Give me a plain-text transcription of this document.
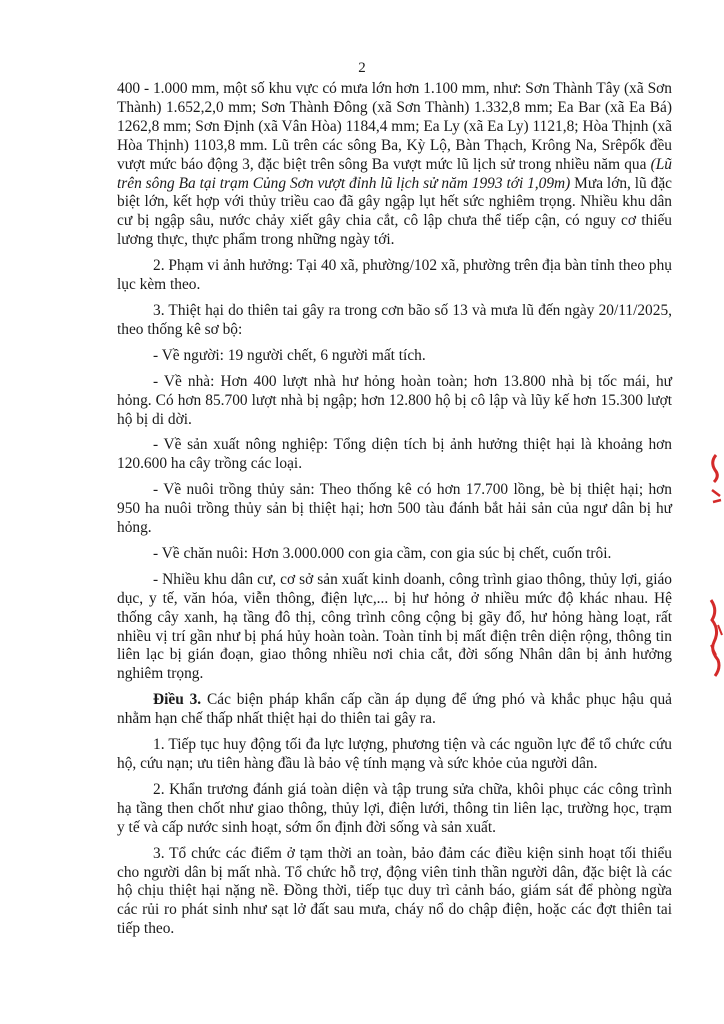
2

400 - 1.000 mm, một số khu vực có mưa lớn hơn 1.100 mm, như: Sơn Thành Tây (xã Sơn Thành) 1.652,2,0 mm; Sơn Thành Đông (xã Sơn Thành) 1.332,8 mm; Ea Bar (xã Ea Bá) 1262,8 mm; Sơn Định (xã Vân Hòa) 1184,4 mm; Ea Ly (xã Ea Ly) 1121,8; Hòa Thịnh (xã Hòa Thịnh) 1103,8 mm. Lũ trên các sông Ba, Kỳ Lộ, Bàn Thạch, Krông Na, Srêpốk đều vượt mức báo động 3, đặc biệt trên sông Ba vượt mức lũ lịch sử trong nhiều năm qua (Lũ trên sông Ba tại trạm Củng Sơn vượt đỉnh lũ lịch sử năm 1993 tới 1,09m) Mưa lớn, lũ đặc biệt lớn, kết hợp với thủy triều cao đã gây ngập lụt hết sức nghiêm trọng. Nhiều khu dân cư bị ngập sâu, nước chảy xiết gây chia cắt, cô lập chưa thể tiếp cận, có nguy cơ thiếu lương thực, thực phẩm trong những ngày tới.

2. Phạm vi ảnh hưởng: Tại 40 xã, phường/102 xã, phường trên địa bàn tỉnh theo phụ lục kèm theo.

3. Thiệt hại do thiên tai gây ra trong cơn bão số 13 và mưa lũ đến ngày 20/11/2025, theo thống kê sơ bộ:

- Về người: 19 người chết, 6 người mất tích.

- Về nhà: Hơn 400 lượt nhà hư hỏng hoàn toàn; hơn 13.800 nhà bị tốc mái, hư hỏng. Có hơn 85.700 lượt nhà bị ngập; hơn 12.800 hộ bị cô lập và lũy kế hơn 15.300 lượt hộ bị di dời.

- Về sản xuất nông nghiệp: Tổng diện tích bị ảnh hưởng thiệt hại là khoảng hơn 120.600 ha cây trồng các loại.

- Về nuôi trồng thủy sản: Theo thống kê có hơn 17.700 lồng, bè bị thiệt hại; hơn 950 ha nuôi trồng thủy sản bị thiệt hại; hơn 500 tàu đánh bắt hải sản của ngư dân bị hư hỏng.

- Về chăn nuôi: Hơn 3.000.000 con gia cầm, con gia súc bị chết, cuốn trôi.

- Nhiều khu dân cư, cơ sở sản xuất kinh doanh, công trình giao thông, thủy lợi, giáo dục, y tế, văn hóa, viễn thông, điện lực,... bị hư hỏng ở nhiều mức độ khác nhau. Hệ thống cây xanh, hạ tầng đô thị, công trình công cộng bị gãy đổ, hư hỏng hàng loạt, rất nhiều vị trí gần như bị phá hủy hoàn toàn. Toàn tỉnh bị mất điện trên diện rộng, thông tin liên lạc bị gián đoạn, giao thông nhiều nơi chia cắt, đời sống Nhân dân bị ảnh hưởng nghiêm trọng.

Điều 3. Các biện pháp khẩn cấp cần áp dụng để ứng phó và khắc phục hậu quả nhằm hạn chế thấp nhất thiệt hại do thiên tai gây ra.

1. Tiếp tục huy động tối đa lực lượng, phương tiện và các nguồn lực để tổ chức cứu hộ, cứu nạn; ưu tiên hàng đầu là bảo vệ tính mạng và sức khỏe của người dân.

2. Khẩn trương đánh giá toàn diện và tập trung sửa chữa, khôi phục các công trình hạ tầng then chốt như giao thông, thủy lợi, điện lưới, thông tin liên lạc, trường học, trạm y tế và cấp nước sinh hoạt, sớm ổn định đời sống và sản xuất.

3. Tổ chức các điểm ở tạm thời an toàn, bảo đảm các điều kiện sinh hoạt tối thiểu cho người dân bị mất nhà. Tổ chức hỗ trợ, động viên tinh thần người dân, đặc biệt là các hộ chịu thiệt hại nặng nề. Đồng thời, tiếp tục duy trì cảnh báo, giám sát để phòng ngừa các rủi ro phát sinh như sạt lở đất sau mưa, cháy nổ do chập điện, hoặc các đợt thiên tai tiếp theo.
